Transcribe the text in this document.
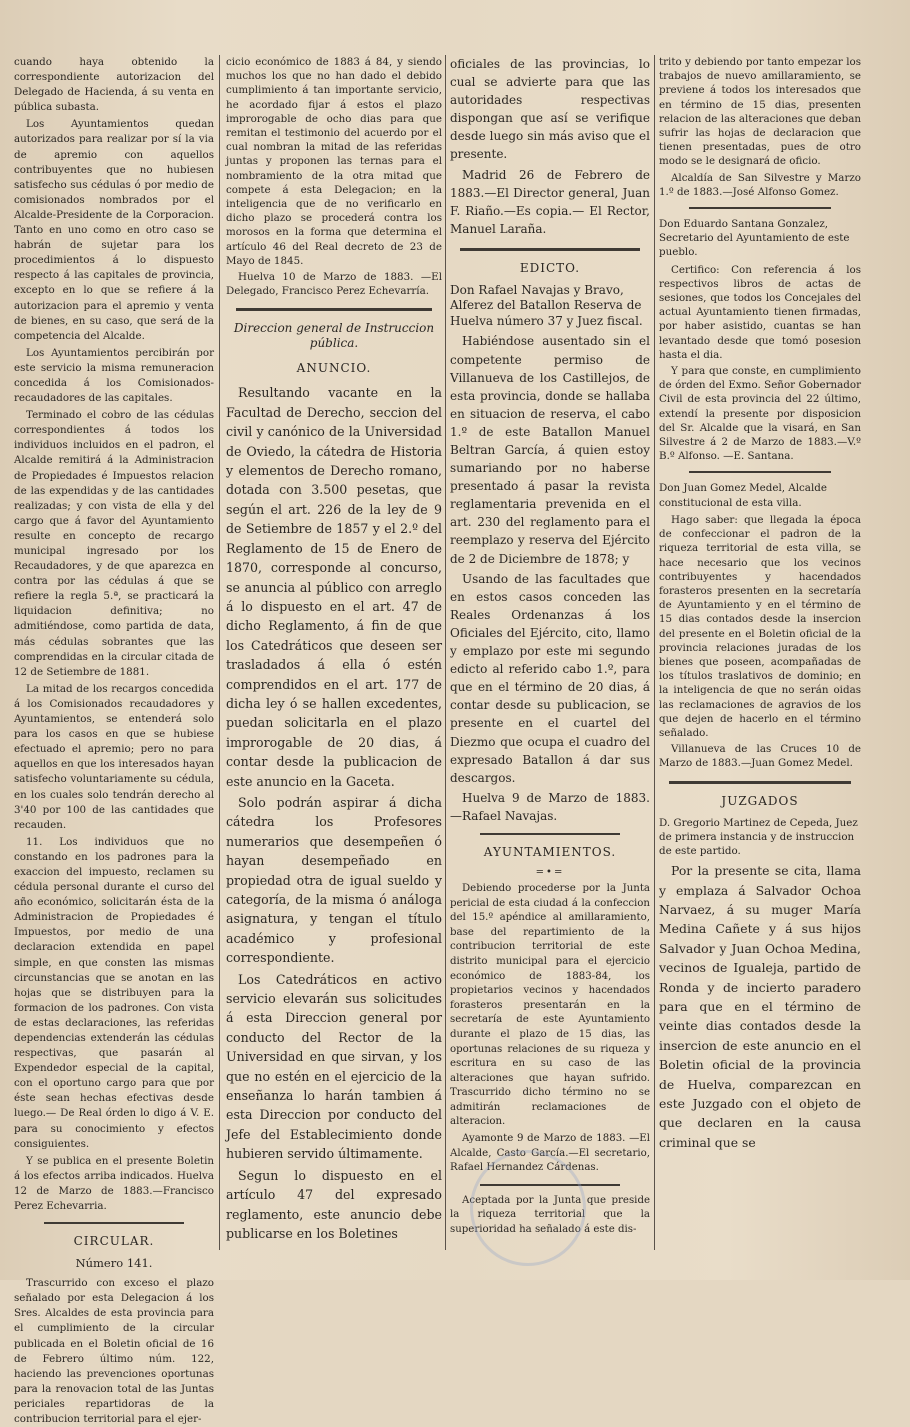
cuando haya obtenido la correspondiente autorizacion del Delegado de Hacienda, á su venta en pública subasta.

Los Ayuntamientos quedan autorizados para realizar por sí la via de apremio con aquellos contribuyentes que no hubiesen satisfecho sus cédulas ó por medio de comisionados nombrados por el Alcalde-Presidente de la Corporacion. Tanto en uno como en otro caso se habrán de sujetar para los procedimientos á lo dispuesto respecto á las capitales de provincia, excepto en lo que se refiere á la autorizacion para el apremio y venta de bienes, en su caso, que será de la competencia del Alcalde.

Los Ayuntamientos percibirán por este servicio la misma remuneracion concedida á los Comisionados-recaudadores de las capitales.

Terminado el cobro de las cédulas correspondientes á todos los individuos incluidos en el padron, el Alcalde remitirá á la Administracion de Propiedades é Impuestos relacion de las expendidas y de las cantidades realizadas; y con vista de ella y del cargo que á favor del Ayuntamiento resulte en concepto de recargo municipal ingresado por los Recaudadores, y de que aparezca en contra por las cédulas á que se refiere la regla 5.ª, se practicará la liquidacion definitiva; no admitiéndose, como partida de data, más cédulas sobrantes que las comprendidas en la circular citada de 12 de Setiembre de 1881.

La mitad de los recargos concedida á los Comisionados recaudadores y Ayuntamientos, se entenderá solo para los casos en que se hubiese efectuado el apremio; pero no para aquellos en que los interesados hayan satisfecho voluntariamente su cédula, en los cuales solo tendrán derecho al 3'40 por 100 de las cantidades que recauden.

11. Los individuos que no constando en los padrones para la exaccion del impuesto, reclamen su cédula personal durante el curso del año económico, solicitarán ésta de la Administracion de Propiedades é Impuestos, por medio de una declaracion extendida en papel simple, en que consten las mismas circunstancias que se anotan en las hojas que se distribuyen para la formacion de los padrones. Con vista de estas declaraciones, las referidas dependencias extenderán las cédulas respectivas, que pasarán al Expendedor especial de la capital, con el oportuno cargo para que por éste sean hechas efectivas desde luego.— De Real órden lo digo á V. E. para su conocimiento y efectos consiguientes.

Y se publica en el presente Boletin á los efectos arriba indicados. Huelva 12 de Marzo de 1883.—Francisco Perez Echevarria.

CIRCULAR.
Número 141.

Trascurrido con exceso el plazo señalado por esta Delegacion á los Sres. Alcaldes de esta provincia para el cumplimiento de la circular publicada en el Boletin oficial de 16 de Febrero último núm. 122, haciendo las prevenciones oportunas para la renovacion total de las Juntas periciales repartidoras de la contribucion territorial para el ejer-

cicio económico de 1883 á 84, y siendo muchos los que no han dado el debido cumplimiento á tan importante servicio, he acordado fijar á estos el plazo improrogable de ocho dias para que remitan el testimonio del acuerdo por el cual nombran la mitad de las referidas juntas y proponen las ternas para el nombramiento de la otra mitad que compete á esta Delegacion; en la inteligencia que de no verificarlo en dicho plazo se procederá contra los morosos en la forma que determina el artículo 46 del Real decreto de 23 de Mayo de 1845.

Huelva 10 de Marzo de 1883. —El Delegado, Francisco Perez Echevarría.

Direccion general de Instruccion pública.
ANUNCIO.

Resultando vacante en la Facultad de Derecho, seccion del civil y canónico de la Universidad de Oviedo, la cátedra de Historia y elementos de Derecho romano, dotada con 3.500 pesetas, que según el art. 226 de la ley de 9 de Setiembre de 1857 y el 2.º del Reglamento de 15 de Enero de 1870, corresponde al concurso, se anuncia al público con arreglo á lo dispuesto en el art. 47 de dicho Reglamento, á fin de que los Catedráticos que deseen ser trasladados á ella ó estén comprendidos en el art. 177 de dicha ley ó se hallen excedentes, puedan solicitarla en el plazo improrogable de 20 dias, á contar desde la publicacion de este anuncio en la Gaceta.

Solo podrán aspirar á dicha cátedra los Profesores numerarios que desempeñen ó hayan desempeñado en propiedad otra de igual sueldo y categoría, de la misma ó análoga asignatura, y tengan el título académico y profesional correspondiente.

Los Catedráticos en activo servicio elevarán sus solicitudes á esta Direccion general por conducto del Rector de la Universidad en que sirvan, y los que no estén en el ejercicio de la enseñanza lo harán tambien á esta Direccion por conducto del Jefe del Establecimiento donde hubieren servido últimamente.

Segun lo dispuesto en el artículo 47 del expresado reglamento, este anuncio debe publicarse en los Boletines

oficiales de las provincias, lo cual se advierte para que las autoridades respectivas dispongan que así se verifique desde luego sin más aviso que el presente.

Madrid 26 de Febrero de 1883.—El Director general, Juan F. Riaño.—Es copia.— El Rector, Manuel Laraña.

EDICTO.

Don Rafael Navajas y Bravo, Alferez del Batallon Reserva de Huelva número 37 y Juez fiscal.

Habiéndose ausentado sin el competente permiso de Villanueva de los Castillejos, de esta provincia, donde se hallaba en situacion de reserva, el cabo 1.º de este Batallon Manuel Beltran García, á quien estoy sumariando por no haberse presentado á pasar la revista reglamentaria prevenida en el art. 230 del reglamento para el reemplazo y reserva del Ejército de 2 de Diciembre de 1878; y

Usando de las facultades que en estos casos conceden las Reales Ordenanzas á los Oficiales del Ejército, cito, llamo y emplazo por este mi segundo edicto al referido cabo 1.º, para que en el término de 20 dias, á contar desde su publicacion, se presente en el cuartel del Diezmo que ocupa el cuadro del expresado Batallon á dar sus descargos.

Huelva 9 de Marzo de 1883. —Rafael Navajas.

AYUNTAMIENTOS.
=•=

Debiendo procederse por la Junta pericial de esta ciudad á la confeccion del 15.º apéndice al amillaramiento, base del repartimiento de la contribucion territorial de este distrito municipal para el ejercicio económico de 1883-84, los propietarios vecinos y hacendados forasteros presentarán en la secretaría de este Ayuntamiento durante el plazo de 15 dias, las oportunas relaciones de su riqueza y escritura en su caso de las alteraciones que hayan sufrido. Trascurrido dicho término no se admitirán reclamaciones de alteracion.

Ayamonte 9 de Marzo de 1883. —El Alcalde, Casto García.—El secretario, Rafael Hernandez Cárdenas.

Aceptada por la Junta que preside la riqueza territorial que la superioridad ha señalado á este dis-

trito y debiendo por tanto empezar los trabajos de nuevo amillaramiento, se previene á todos los interesados que en término de 15 dias, presenten relacion de las alteraciones que deban sufrir las hojas de declaracion que tienen presentadas, pues de otro modo se le designará de oficio.

Alcaldía de San Silvestre y Marzo 1.º de 1883.—José Alfonso Gomez.

Don Eduardo Santana Gonzalez, Secretario del Ayuntamiento de este pueblo.

Certifico: Con referencia á los respectivos libros de actas de sesiones, que todos los Concejales del actual Ayuntamiento tienen firmadas, por haber asistido, cuantas se han levantado desde que tomó posesion hasta el dia.

Y para que conste, en cumplimiento de órden del Exmo. Señor Gobernador Civil de esta provincia del 22 último, extendí la presente por disposicion del Sr. Alcalde que la visará, en San Silvestre á 2 de Marzo de 1883.—V.º B.º Alfonso. —E. Santana.

Don Juan Gomez Medel, Alcalde constitucional de esta villa.

Hago saber: que llegada la época de confeccionar el padron de la riqueza territorial de esta villa, se hace necesario que los vecinos contribuyentes y hacendados forasteros presenten en la secretaría de Ayuntamiento y en el término de 15 dias contados desde la insercion del presente en el Boletin oficial de la provincia relaciones juradas de los bienes que poseen, acompañadas de los títulos traslativos de dominio; en la inteligencia de que no serán oidas las reclamaciones de agravios de los que dejen de hacerlo en el término señalado.

Villanueva de las Cruces 10 de Marzo de 1883.—Juan Gomez Medel.

JUZGADOS

D. Gregorio Martinez de Cepeda, Juez de primera instancia y de instruccion de este partido.

Por la presente se cita, llama y emplaza á Salvador Ochoa Narvaez, á su muger María Medina Cañete y á sus hijos Salvador y Juan Ochoa Medina, vecinos de Igualeja, partido de Ronda y de incierto paradero para que en el término de veinte dias contados desde la insercion de este anuncio en el Boletin oficial de la provincia de Huelva, comparezcan en este Juzgado con el objeto de que declaren en la causa criminal que se
